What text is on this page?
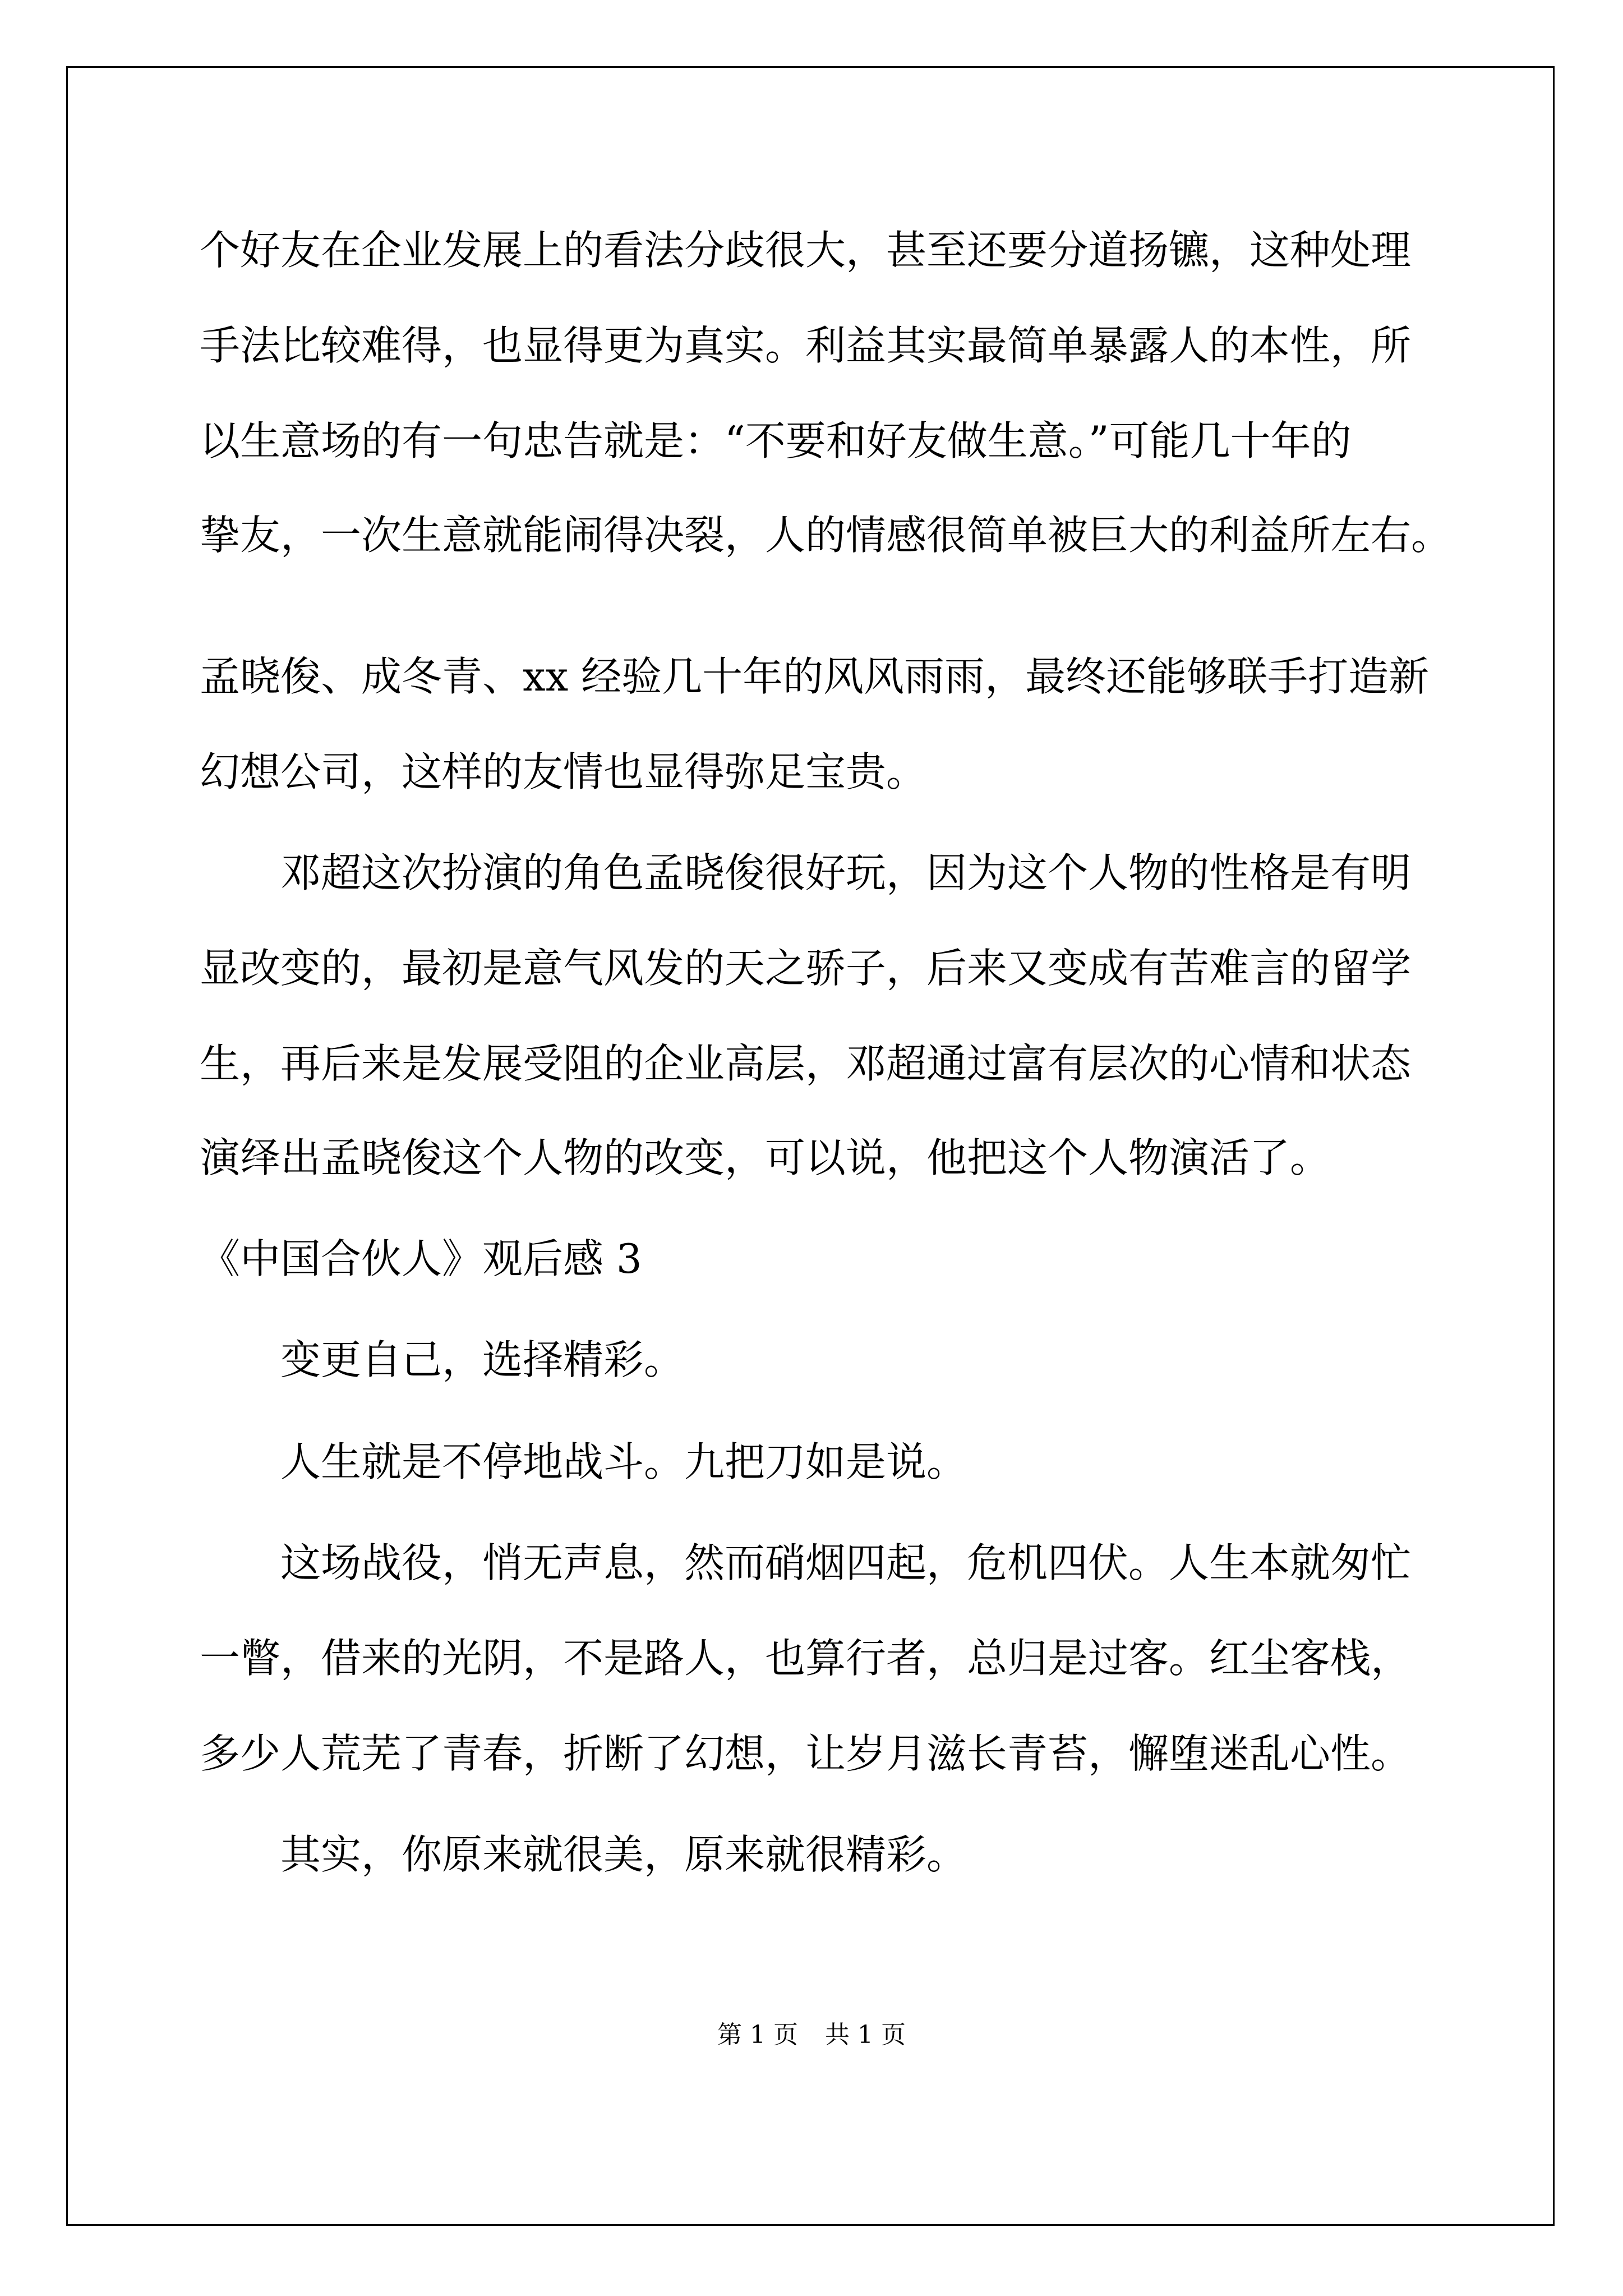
个好友在企业发展上的看法分歧很大，甚至还要分道扬镳，这种处理

手法比较难得，也显得更为真实。利益其实最简单暴露人的本性，所

以生意场的有一句忠告就是：“不要和好友做生意。”可能几十年的

挚友，一次生意就能闹得决裂，人的情感很简单被巨大的利益所左右。

孟晓俊、成冬青、xx 经验几十年的风风雨雨，最终还能够联手打造新

幻想公司，这样的友情也显得弥足宝贵。

邓超这次扮演的角色孟晓俊很好玩，因为这个人物的性格是有明

显改变的，最初是意气风发的天之骄子，后来又变成有苦难言的留学

生，再后来是发展受阻的企业高层，邓超通过富有层次的心情和状态

演绎出孟晓俊这个人物的改变，可以说，他把这个人物演活了。

《中国合伙人》观后感 3

变更自己，选择精彩。

人生就是不停地战斗。九把刀如是说。

这场战役，悄无声息，然而硝烟四起，危机四伏。人生本就匆忙

一瞥，借来的光阴，不是路人，也算行者，总归是过客。红尘客栈，

多少人荒芜了青春，折断了幻想，让岁月滋长青苔，懈堕迷乱心性。

其实，你原来就很美，原来就很精彩。

第 1 页 共 1 页
